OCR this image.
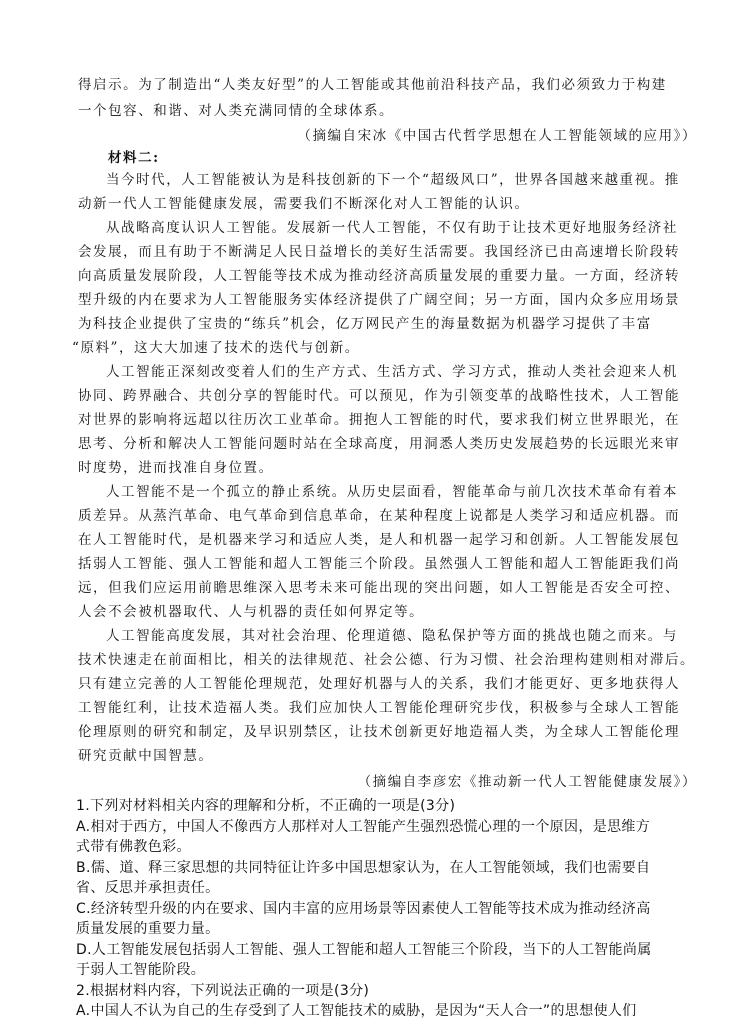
得启示。为了制造出“人类友好型”的人工智能或其他前沿科技产品，我们必须致力于构建
一个包容、和谐、对人类充满同情的全球体系。
（摘编自宋冰《中国古代哲学思想在人工智能领域的应用》）
材料二:
当今时代，人工智能被认为是科技创新的下一个“超级风口”，世界各国越来越重视。推
动新一代人工智能健康发展，需要我们不断深化对人工智能的认识。
从战略高度认识人工智能。发展新一代人工智能，不仅有助于让技术更好地服务经济社
会发展，而且有助于不断满足人民日益增长的美好生活需要。我国经济已由高速增长阶段转
向高质量发展阶段，人工智能等技术成为推动经济高质量发展的重要力量。一方面，经济转
型升级的内在要求为人工智能服务实体经济提供了广阔空间；另一方面，国内众多应用场景
为科技企业提供了宝贵的“练兵”机会，亿万网民产生的海量数据为机器学习提供了丰富
“原料”，这大大加速了技术的迭代与创新。
人工智能正深刻改变着人们的生产方式、生活方式、学习方式，推动人类社会迎来人机
协同、跨界融合、共创分享的智能时代。可以预见，作为引领变革的战略性技术，人工智能
对世界的影响将远超以往历次工业革命。拥抱人工智能的时代，要求我们树立世界眼光，在
思考、分析和解决人工智能问题时站在全球高度，用洞悉人类历史发展趋势的长远眼光来审
时度势，进而找准自身位置。
人工智能不是一个孤立的静止系统。从历史层面看，智能革命与前几次技术革命有着本
质差异。从蒸汽革命、电气革命到信息革命，在某种程度上说都是人类学习和适应机器。而
在人工智能时代，是机器来学习和适应人类，是人和机器一起学习和创新。人工智能发展包
括弱人工智能、强人工智能和超人工智能三个阶段。虽然强人工智能和超人工智能距我们尚
远，但我们应运用前瞻思维深入思考未来可能出现的突出问题，如人工智能是否安全可控、
人会不会被机器取代、人与机器的责任如何界定等。
人工智能高度发展，其对社会治理、伦理道德、隐私保护等方面的挑战也随之而来。与
技术快速走在前面相比，相关的法律规范、社会公德、行为习惯、社会治理构建则相对滞后。
只有建立完善的人工智能伦理规范，处理好机器与人的关系，我们才能更好、更多地获得人
工智能红利，让技术造福人类。我们应加快人工智能伦理研究步伐，积极参与全球人工智能
伦理原则的研究和制定，及早识别禁区，让技术创新更好地造福人类，为全球人工智能伦理
研究贡献中国智慧。
（摘编自李彦宏《推动新一代人工智能健康发展》）
1.下列对材料相关内容的理解和分析，不正确的一项是(3分)
A.相对于西方，中国人不像西方人那样对人工智能产生强烈恐慌心理的一个原因，是思维方
式带有佛教色彩。
B.儒、道、释三家思想的共同特征让许多中国思想家认为，在人工智能领域，我们也需要自
省、反思并承担责任。
C.经济转型升级的内在要求、国内丰富的应用场景等因素使人工智能等技术成为推动经济高
质量发展的重要力量。
D.人工智能发展包括弱人工智能、强人工智能和超人工智能三个阶段，当下的人工智能尚属
于弱人工智能阶段。
2.根据材料内容，下列说法正确的一项是(3分)
A.中国人不认为自己的生存受到了人工智能技术的威胁，是因为“天人合一”的思想使人们
